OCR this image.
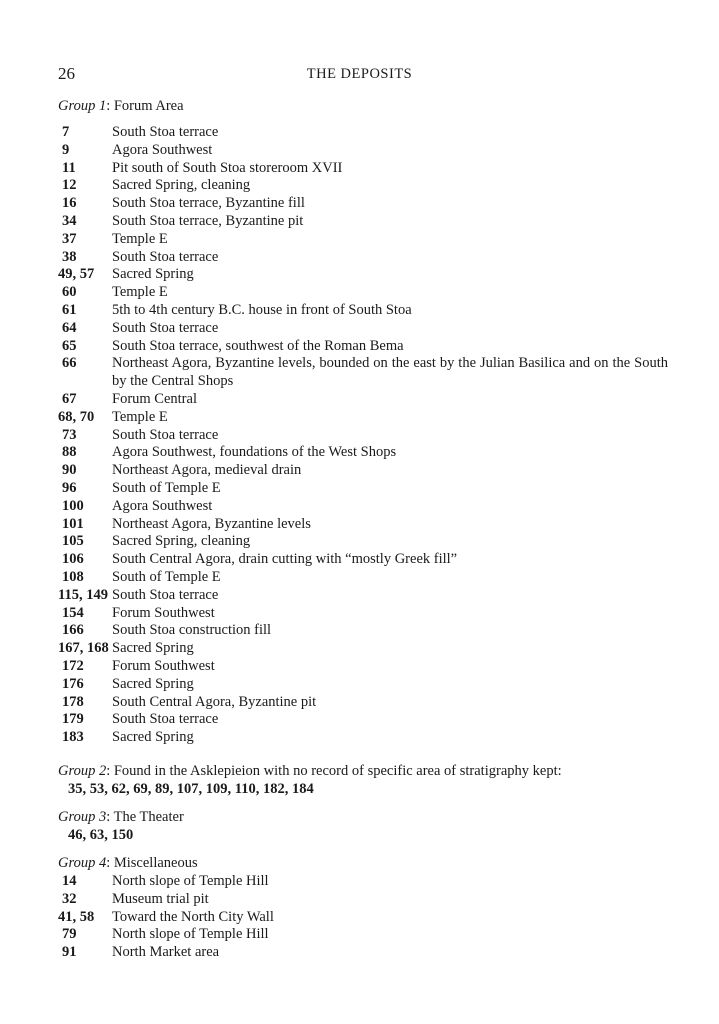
26	THE DEPOSITS
Group 1: Forum Area
7	South Stoa terrace
9	Agora Southwest
11	Pit south of South Stoa storeroom XVII
12	Sacred Spring, cleaning
16	South Stoa terrace, Byzantine fill
34	South Stoa terrace, Byzantine pit
37	Temple E
38	South Stoa terrace
49, 57	Sacred Spring
60	Temple E
61	5th to 4th century B.C. house in front of South Stoa
64	South Stoa terrace
65	South Stoa terrace, southwest of the Roman Bema
66	Northeast Agora, Byzantine levels, bounded on the east by the Julian Basilica and on the South by the Central Shops
67	Forum Central
68, 70	Temple E
73	South Stoa terrace
88	Agora Southwest, foundations of the West Shops
90	Northeast Agora, medieval drain
96	South of Temple E
100	Agora Southwest
101	Northeast Agora, Byzantine levels
105	Sacred Spring, cleaning
106	South Central Agora, drain cutting with “mostly Greek fill”
108	South of Temple E
115, 149 South Stoa terrace
154	Forum Southwest
166	South Stoa construction fill
167, 168 Sacred Spring
172	Forum Southwest
176	Sacred Spring
178	South Central Agora, Byzantine pit
179	South Stoa terrace
183	Sacred Spring
Group 2: Found in the Asklepieion with no record of specific area of stratigraphy kept:
35, 53, 62, 69, 89, 107, 109, 110, 182, 184
Group 3: The Theater
46, 63, 150
Group 4: Miscellaneous
14	North slope of Temple Hill
32	Museum trial pit
41, 58	Toward the North City Wall
79	North slope of Temple Hill
91	North Market area
